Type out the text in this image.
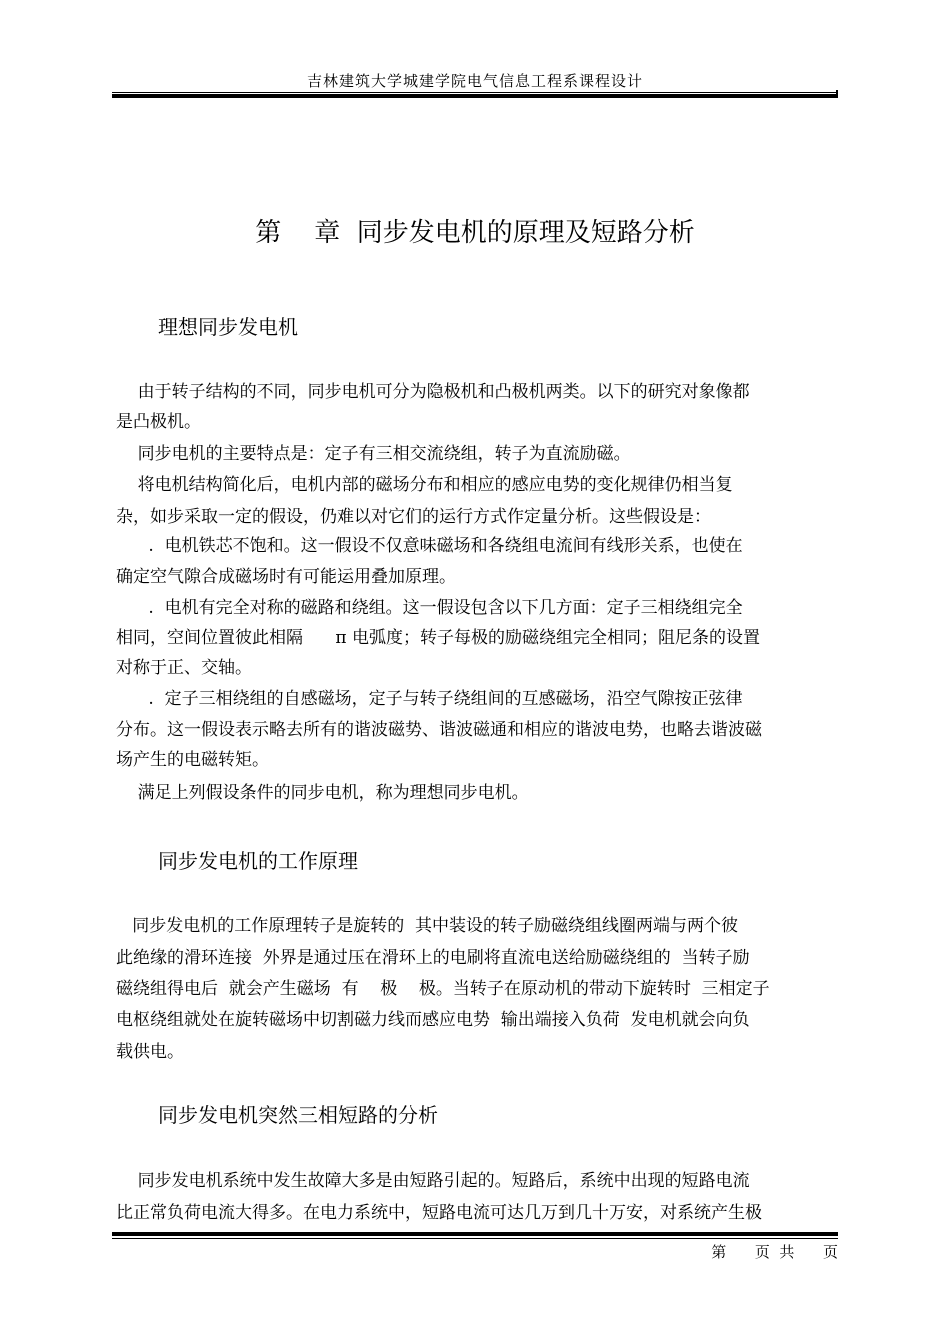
吉林建筑大学城建学院电气信息工程系课程设计
第    章  同步发电机的原理及短路分析
理想同步发电机
由于转子结构的不同，同步电机可分为隐极机和凸极机两类。以下的研究对象像都
是凸极机。
同步电机的主要特点是：定子有三相交流绕组，转子为直流励磁。
将电机结构简化后，电机内部的磁场分布和相应的感应电势的变化规律仍相当复
杂，如步采取一定的假设，仍难以对它们的运行方式作定量分析。这些假设是：
.  电机铁芯不饱和。这一假设不仅意味磁场和各绕组电流间有线形关系，也使在
确定空气隙合成磁场时有可能运用叠加原理。
.  电机有完全对称的磁路和绕组。这一假设包含以下几方面：定子三相绕组完全
相同，空间位置彼此相隔      π 电弧度；转子每极的励磁绕组完全相同；阻尼条的设置
对称于正、交轴。
.  定子三相绕组的自感磁场，定子与转子绕组间的互感磁场，沿空气隙按正弦律
分布。这一假设表示略去所有的谐波磁势、谐波磁通和相应的谐波电势，也略去谐波磁
场产生的电磁转矩。
满足上列假设条件的同步电机，称为理想同步电机。
同步发电机的工作原理
同步发电机的工作原理转子是旋转的  其中装设的转子励磁绕组线圈两端与两个彼
此绝缘的滑环连接  外界是通过压在滑环上的电刷将直流电送给励磁绕组的  当转子励
磁绕组得电后  就会产生磁场  有    极    极。当转子在原动机的带动下旋转时  三相定子
电枢绕组就处在旋转磁场中切割磁力线而感应电势  输出端接入负荷  发电机就会向负
载供电。
同步发电机突然三相短路的分析
同步发电机系统中发生故障大多是由短路引起的。短路后，系统中出现的短路电流
比正常负荷电流大得多。在电力系统中，短路电流可达几万到几十万安，对系统产生极
第      页  共      页
